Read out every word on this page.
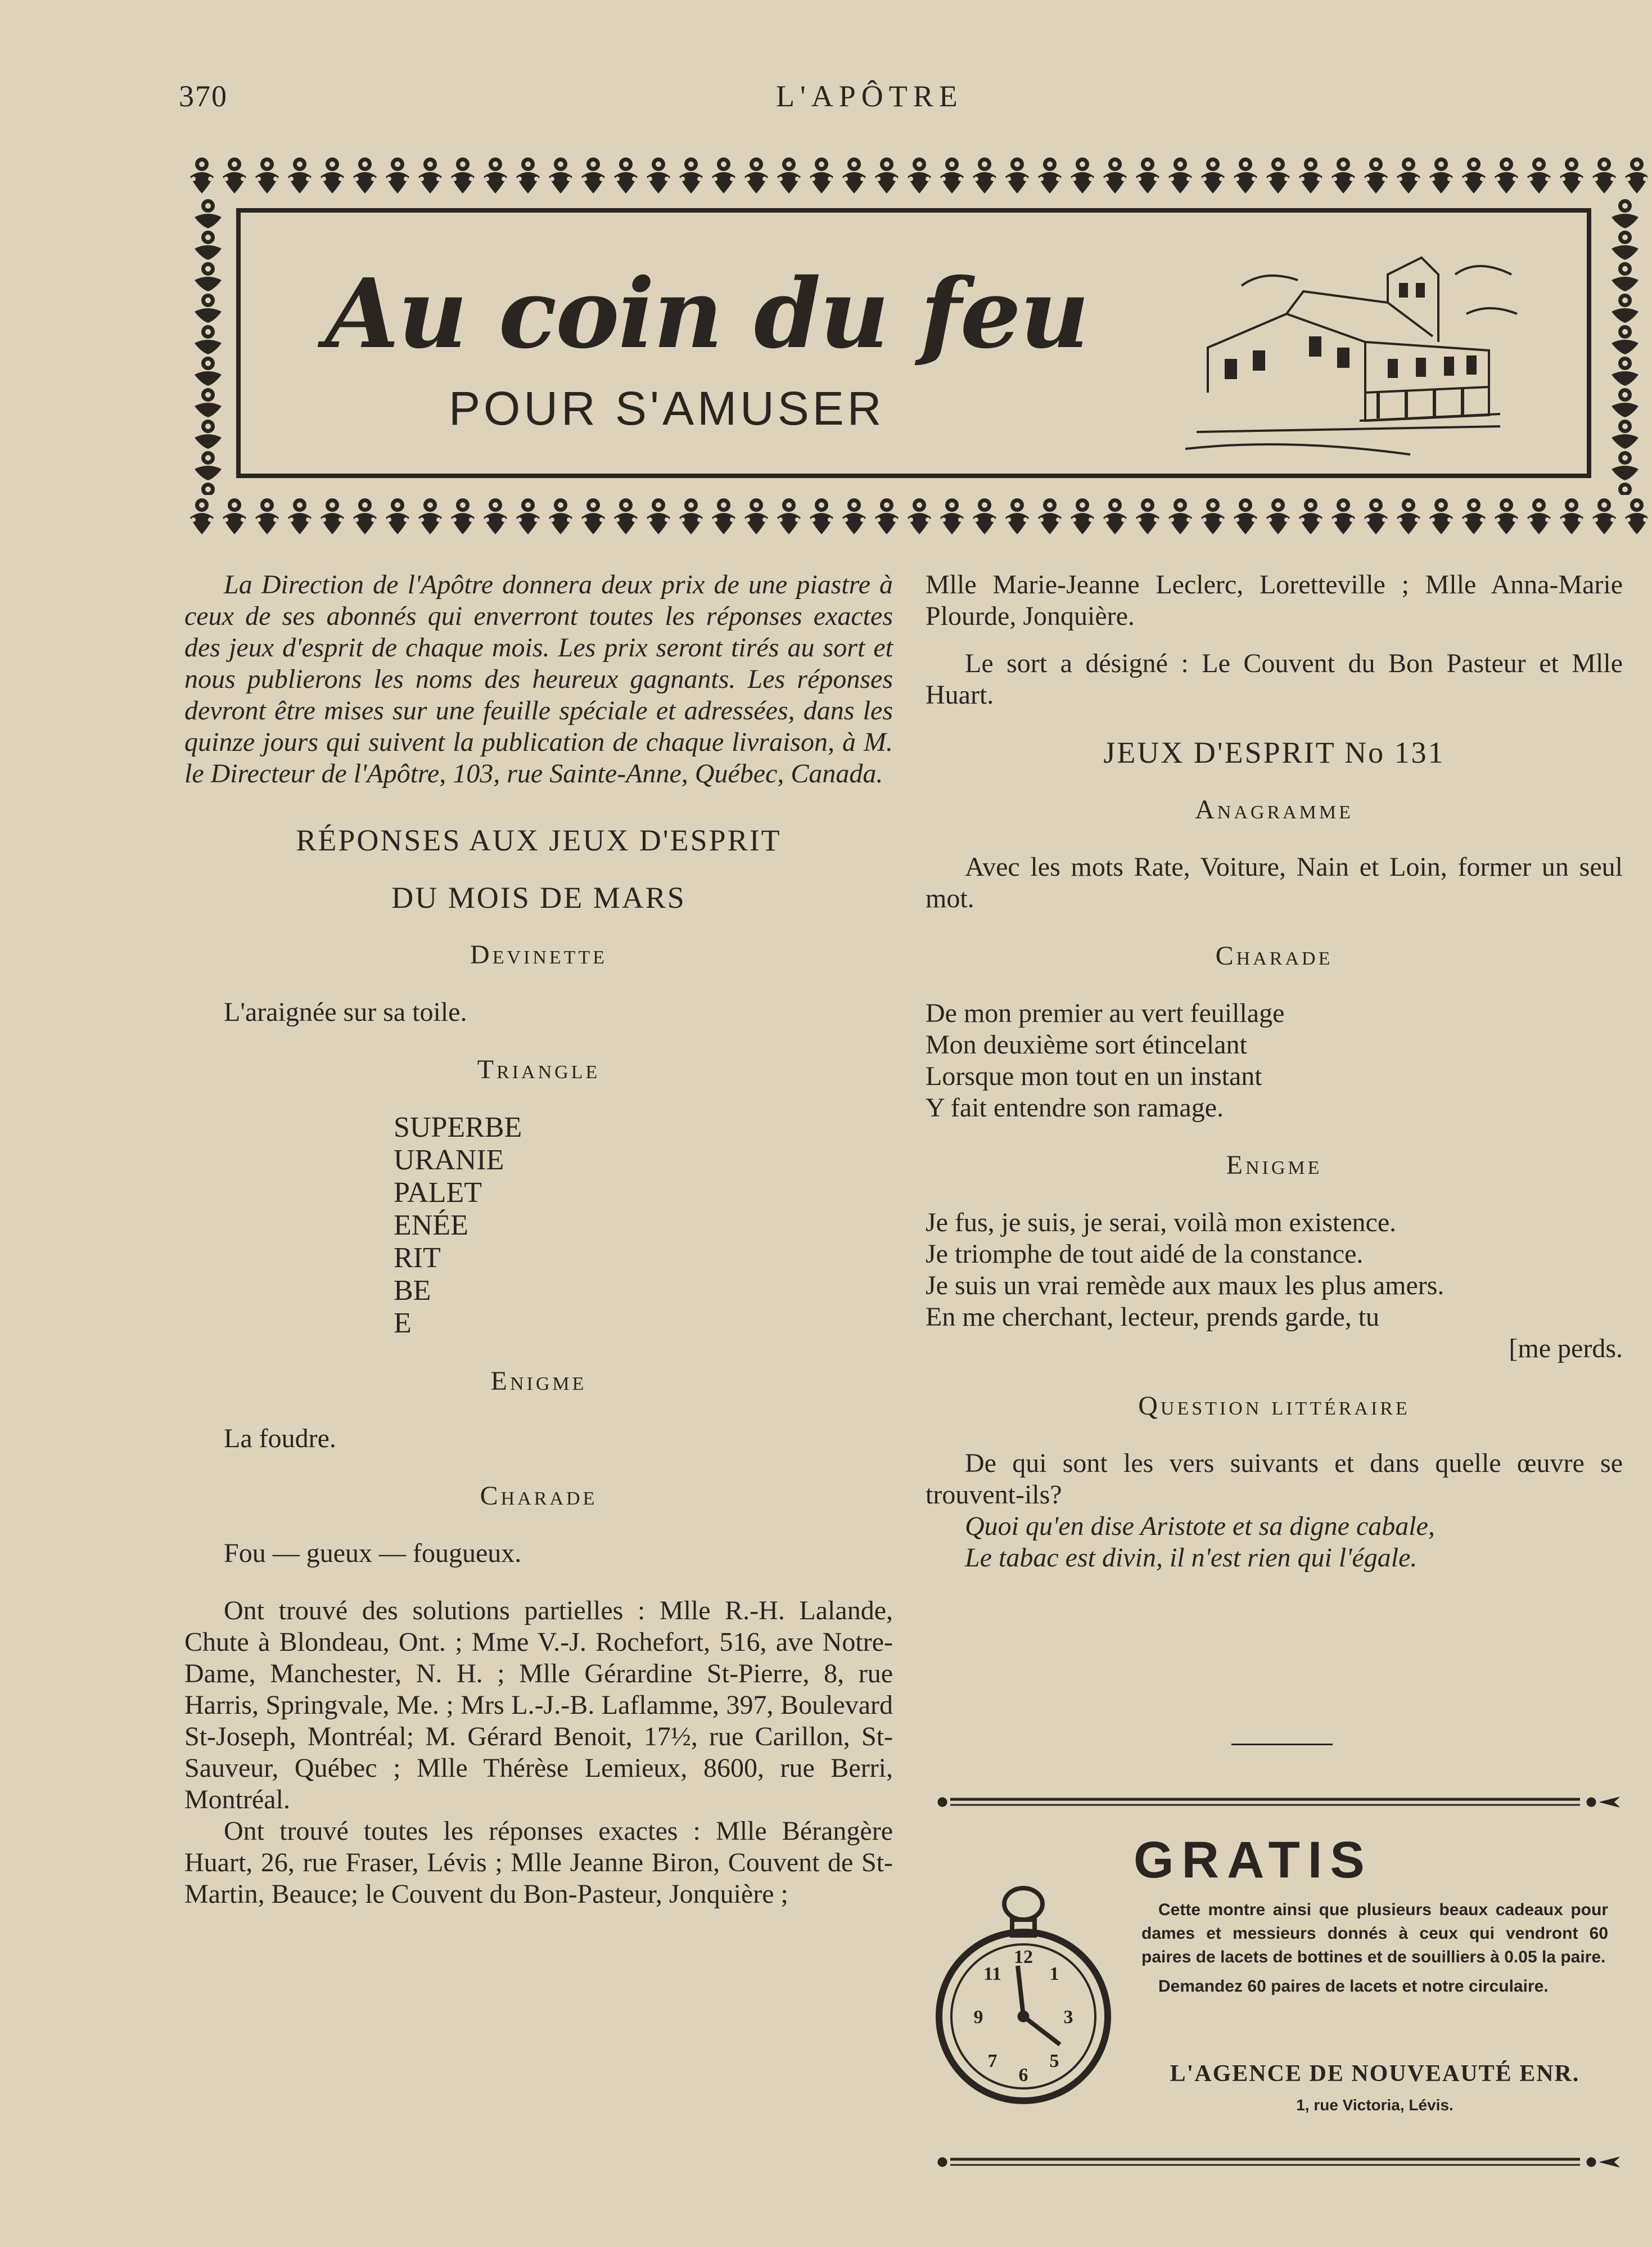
370	L'APÔTRE
Au coin du feu
POUR S'AMUSER

La Direction de l'Apôtre donnera deux prix de une piastre à ceux de ses abonnés qui enverront toutes les réponses exactes des jeux d'esprit de chaque mois. Les prix seront tirés au sort et nous publierons les noms des heureux gagnants. Les réponses devront être mises sur une feuille spéciale et adressées, dans les quinze jours qui suivent la publication de chaque livraison, à M. le Directeur de l'Apôtre, 103, rue Sainte-Anne, Québec, Canada.

RÉPONSES AUX JEUX D'ESPRIT
DU MOIS DE MARS
Devinette

L'araignée sur sa toile.

Triangle
SUPERBE
URANIE
PALET
ENÉE
RIT
BE
E
Enigme

La foudre.

Charade

Fou — gueux — fougueux.

Ont trouvé des solutions partielles : Mlle R.-H. Lalande, Chute à Blondeau, Ont. ; Mme V.-J. Rochefort, 516, ave Notre-Dame, Manchester, N. H. ; Mlle Gérardine St-Pierre, 8, rue Harris, Springvale, Me. ; Mrs L.-J.-B. Laflamme, 397, Boulevard St-Joseph, Montréal; M. Gérard Benoit, 17½, rue Carillon, St-Sauveur, Québec ; Mlle Thérèse Lemieux, 8600, rue Berri, Montréal.

Ont trouvé toutes les réponses exactes : Mlle Bérangère Huart, 26, rue Fraser, Lévis ; Mlle Jeanne Biron, Couvent de St-Martin, Beauce; le Couvent du Bon-Pasteur, Jonquière ;

Mlle Marie-Jeanne Leclerc, Loretteville ; Mlle Anna-Marie Plourde, Jonquière.

Le sort a désigné : Le Couvent du Bon Pasteur et Mlle Huart.

JEUX D'ESPRIT No 131
Anagramme

Avec les mots Rate, Voiture, Nain et Loin, former un seul mot.

Charade

De mon premier au vert feuillage

Mon deuxième sort étincelant

Lorsque mon tout en un instant

Y fait entendre son ramage.

Enigme

Je fus, je suis, je serai, voilà mon existence.

Je triomphe de tout aidé de la constance.

Je suis un vrai remède aux maux les plus amers.

En me cherchant, lecteur, prends garde, tu

[me perds.

Question littéraire

De qui sont les vers suivants et dans quelle œuvre se trouvent-ils?

Quoi qu'en dise Aristote et sa digne cabale,

Le tabac est divin, il n'est rien qui l'égale.

GRATIS

Cette montre ainsi que plusieurs beaux cadeaux pour dames et messieurs donnés à ceux qui vendront 60 paires de lacets de bottines et de souilliers à 0.05 la paire.

Demandez 60 paires de lacets et notre circulaire.

L'AGENCE DE NOUVEAUTÉ ENR.
1, rue Victoria, Lévis.
12
3
6
9
1
11
5
7
